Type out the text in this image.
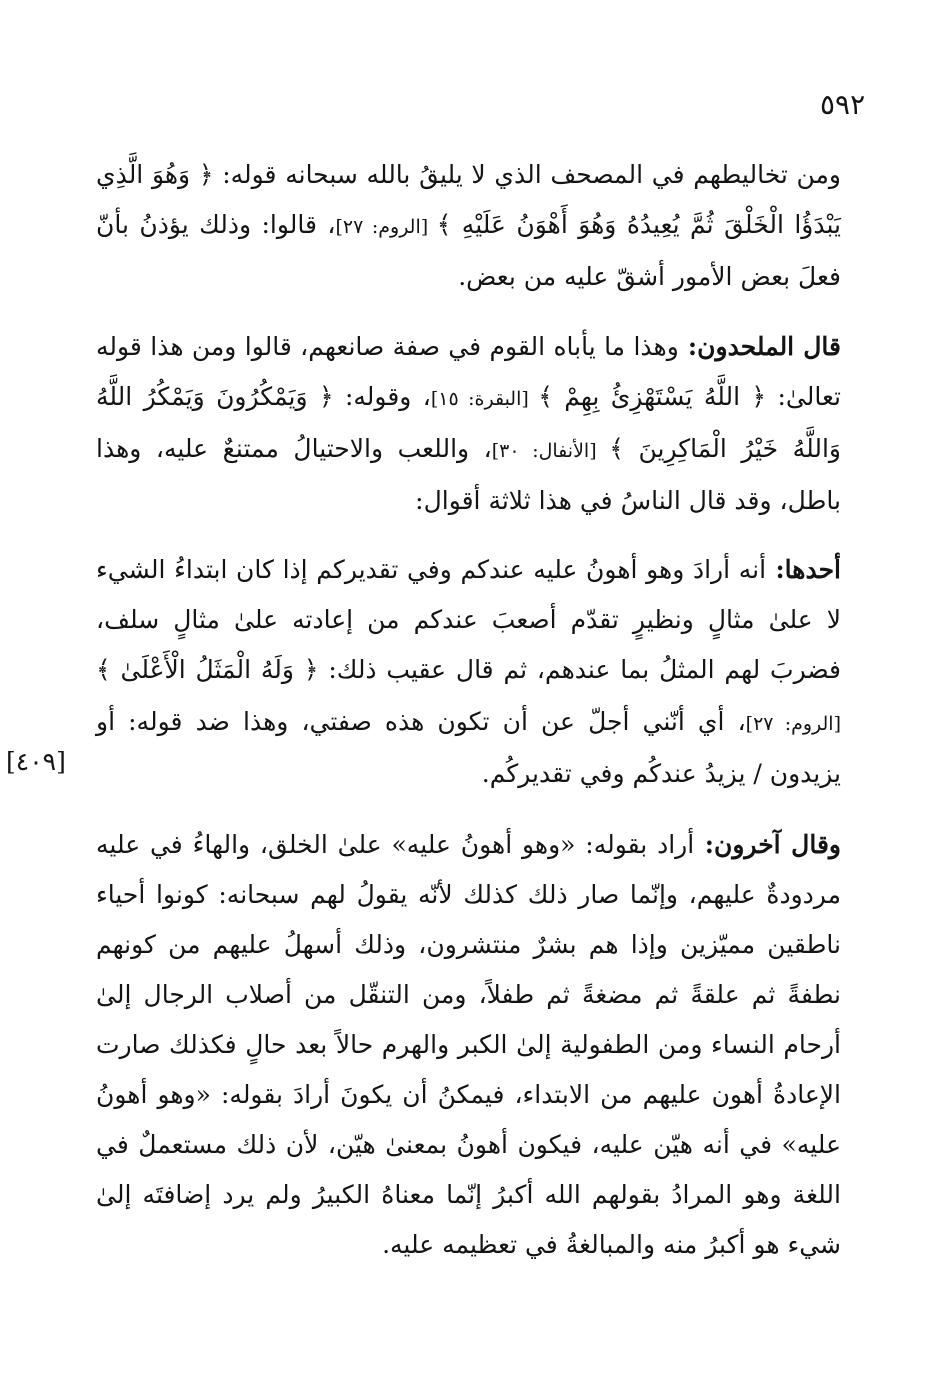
٥٩٢

ومن تخاليطهم في المصحف الذي لا يليقُ بالله سبحانه قوله: ﴿ وَهُوَ الَّذِي يَبْدَؤُا الْخَلْقَ ثُمَّ يُعِيدُهُ وَهُوَ أَهْوَنُ عَلَيْهِ ﴾ [الروم: ٢٧]، قالوا: وذلك يؤذنُ بأنّ فعلَ بعض الأمور أشقّ عليه من بعض.

قال الملحدون: وهذا ما يأباه القوم في صفة صانعهم، قالوا ومن هذا قوله تعالىٰ: ﴿ اللَّهُ يَسْتَهْزِئُ بِهِمْ ﴾ [البقرة: ١٥]، وقوله: ﴿ وَيَمْكُرُونَ وَيَمْكُرُ اللَّهُ وَاللَّهُ خَيْرُ الْمَاكِرِينَ ﴾ [الأنفال: ٣٠]، واللعب والاحتيالُ ممتنعٌ عليه، وهذا باطل، وقد قال الناسُ في هذا ثلاثة أقوال:

أحدها: أنه أرادَ وهو أهونُ عليه عندكم وفي تقديركم إذا كان ابتداءُ الشيء لا علىٰ مثالٍ ونظيرٍ تقدّم أصعبَ عندكم من إعادته علىٰ مثالٍ سلف، فضربَ لهم المثلُ بما عندهم، ثم قال عقيب ذلك: ﴿ وَلَهُ الْمَثَلُ الْأَعْلَىٰ ﴾ [الروم: ٢٧]، أي أنّني أجلّ عن أن تكون هذه صفتي، وهذا ضد قوله: أو يزيدون / يزيدُ عندكُم وفي تقديركُم.

[٤٠٩]

وقال آخرون: أراد بقوله: «وهو أهونُ عليه» علىٰ الخلق، والهاءُ في عليه مردودةٌ عليهم، وإنّما صار ذلك كذلك لأنّه يقولُ لهم سبحانه: كونوا أحياء ناطقين مميّزين وإذا هم بشرٌ منتشرون، وذلك أسهلُ عليهم من كونهم نطفةً ثم علقةً ثم مضغةً ثم طفلاً، ومن التنقّل من أصلاب الرجال إلىٰ أرحام النساء ومن الطفولية إلىٰ الكبر والهرم حالاً بعد حالٍ فكذلك صارت الإعادةُ أهون عليهم من الابتداء، فيمكنُ أن يكونَ أرادَ بقوله: «وهو أهونُ عليه» في أنه هيّن عليه، فيكون أهونُ بمعنىٰ هيّن، لأن ذلك مستعملٌ في اللغة وهو المرادُ بقولهم الله أكبرُ إنّما معناهُ الكبيرُ ولم يرد إضافتَه إلىٰ شيء هو أكبرُ منه والمبالغةُ في تعظيمه عليه.
